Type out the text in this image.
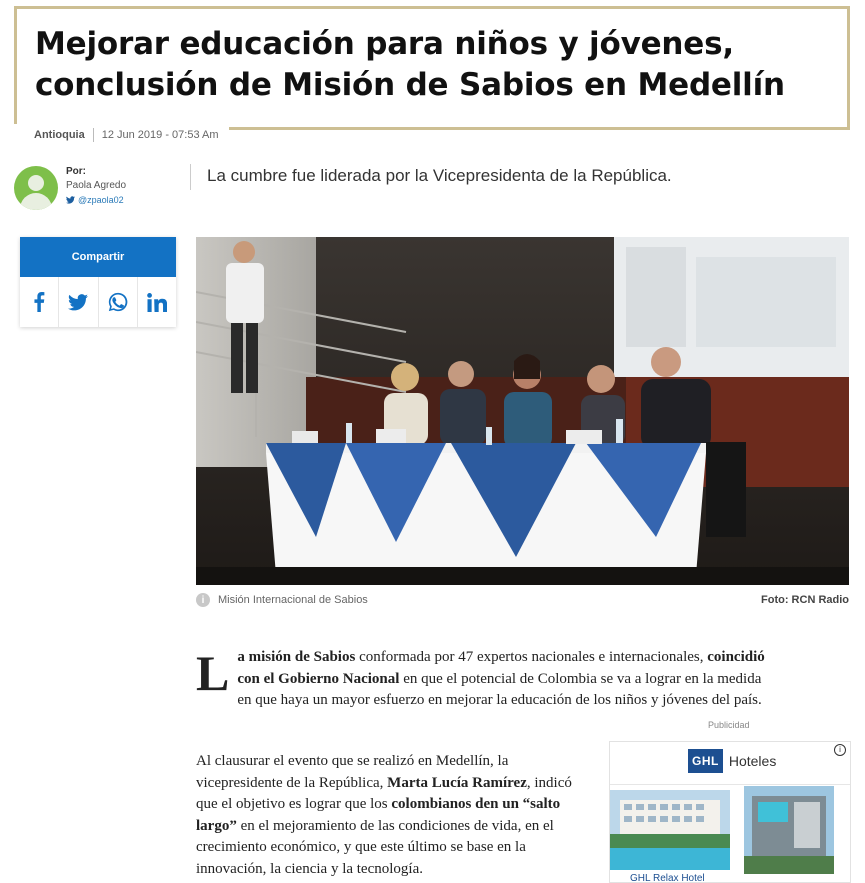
Mejorar educación para niños y jóvenes, conclusión de Misión de Sabios en Medellín
Antioquia 12 Jun 2019 - 07:53 Am
Por:
Paola Agredo
@zpaola02
La cumbre fue liderada por la Vicepresidenta de la República.
Compartir
i	Misión Internacional de Sabios	Foto: RCN Radio
La misión de Sabios conformada por 47 expertos nacionales e internacionales, coincidió con el Gobierno Nacional en que el potencial de Colombia se va a lograr en la medida en que haya un mayor esfuerzo en mejorar la educación de los niños y jóvenes del país.
Publicidad
Al clausurar el evento que se realizó en Medellín, la vicepresidente de la República, Marta Lucía Ramírez, indicó que el objetivo es lograr que los colombianos den un “salto largo” en el mejoramiento de las condiciones de vida, en el crecimiento económico, y que este último se base en la innovación, la ciencia y la tecnología.
i
GHL Hoteles
GHL Relax Hotel
